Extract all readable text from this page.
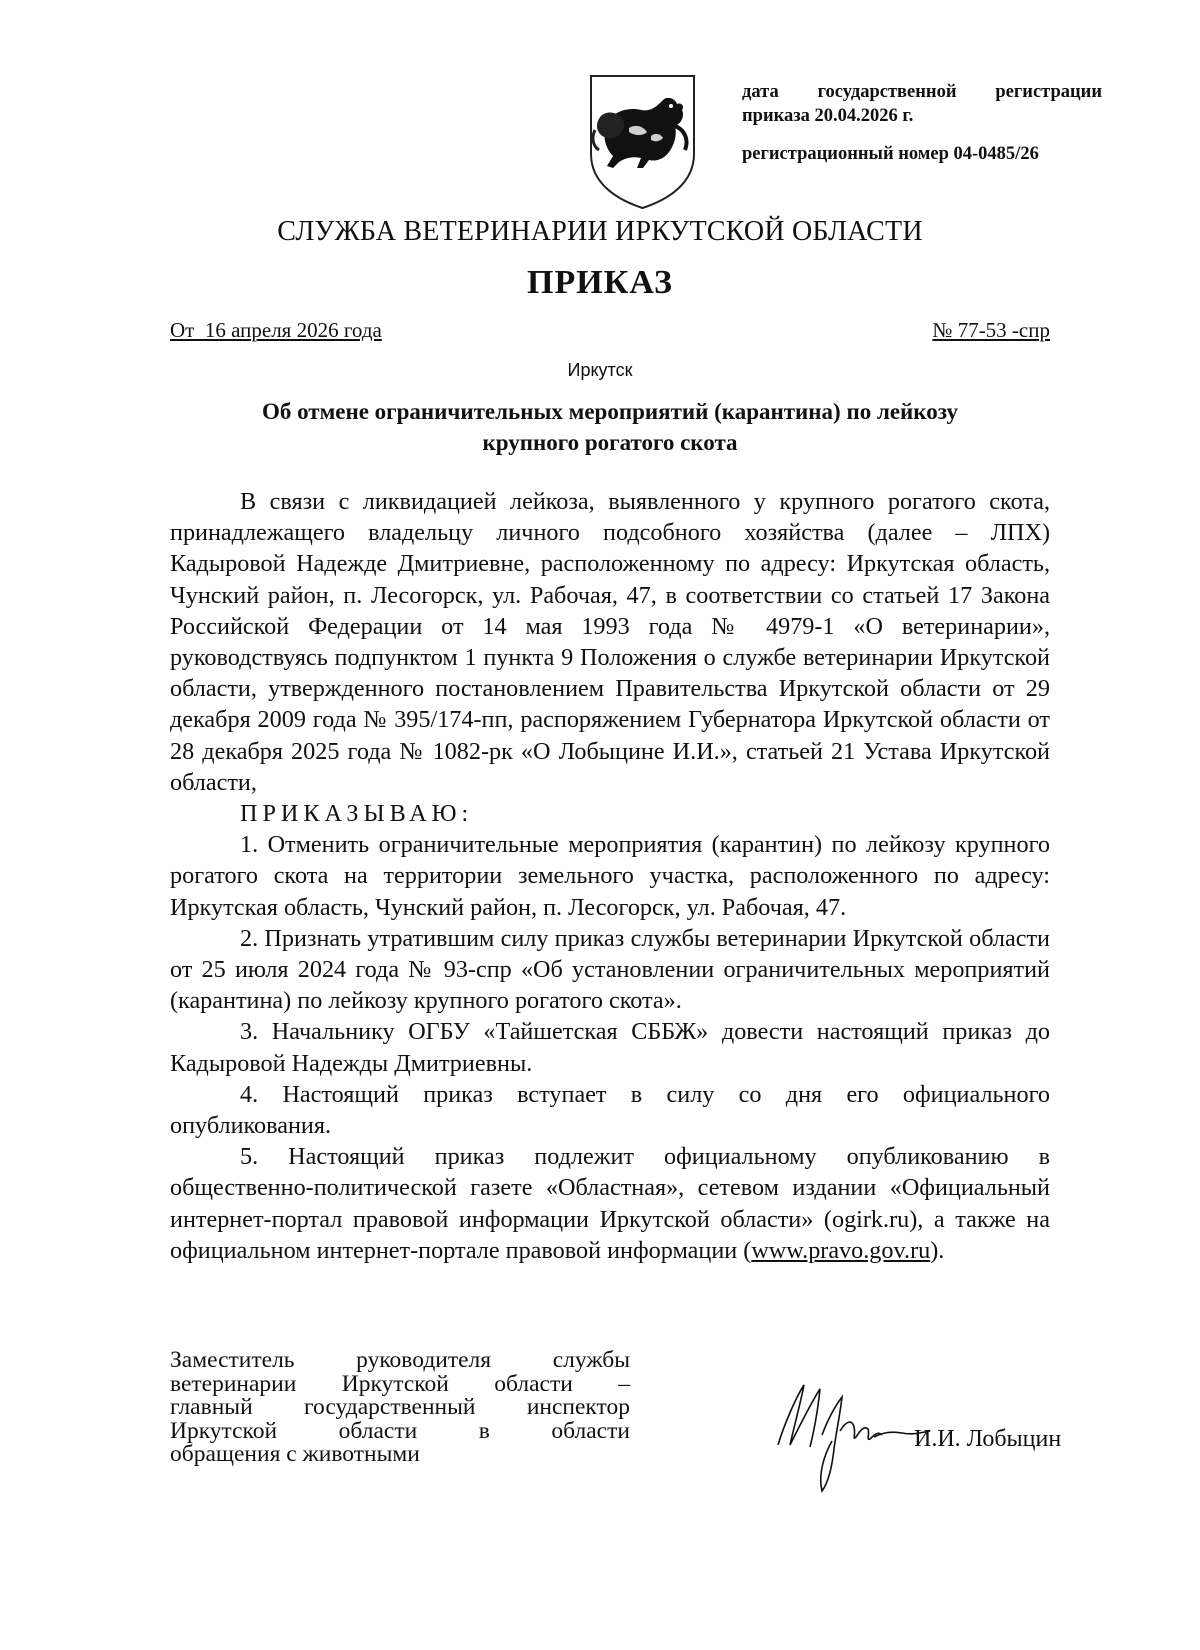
дата государственной регистрации
приказа 20.04.2026 г.
регистрационный номер 04-0485/26
СЛУЖБА ВЕТЕРИНАРИИ ИРКУТСКОЙ ОБЛАСТИ
ПРИКАЗ
От  16 апреля 2026 года	№ 77-53 -спр
Иркутск
Об отмене ограничительных мероприятий (карантина) по лейкозу
крупного рогатого скота

В связи с ликвидацией лейкоза, выявленного у крупного рогатого скота, принадлежащего владельцу личного подсобного хозяйства (далее – ЛПХ) Кадыровой Надежде Дмитриевне, расположенному по адресу: Иркутская область, Чунский район, п. Лесогорск, ул. Рабочая, 47, в соответствии со статьей 17 Закона Российской Федерации от 14 мая 1993 года № 4979-1 «О ветеринарии», руководствуясь подпунктом 1 пункта 9 Положения о службе ветеринарии Иркутской области, утвержденного постановлением Правительства Иркутской области от 29 декабря 2009 года № 395/174-пп, распоряжением Губернатора Иркутской области от 28 декабря 2025 года № 1082-рк «О Лобыцине И.И.», статьей 21 Устава Иркутской области,

ПРИКАЗЫВАЮ:

1. Отменить ограничительные мероприятия (карантин) по лейкозу крупного рогатого скота на территории земельного участка, расположенного по адресу: Иркутская область, Чунский район, п. Лесогорск, ул. Рабочая, 47.

2. Признать утратившим силу приказ службы ветеринарии Иркутской области от 25 июля 2024 года № 93-спр «Об установлении ограничительных мероприятий (карантина) по лейкозу крупного рогатого скота».

3. Начальнику ОГБУ «Тайшетская СББЖ» довести настоящий приказ до Кадыровой Надежды Дмитриевны.

4. Настоящий приказ вступает в силу со дня его официального опубликования.

5. Настоящий приказ подлежит официальному опубликованию в общественно-политической газете «Областная», сетевом издании «Официальный интернет-портал правовой информации Иркутской области» (ogirk.ru), а также на официальном интернет-портале правовой информации (www.pravo.gov.ru).

Заместитель	руководителя	службы
ветеринарии Иркутской области –
главный государственный инспектор
Иркутской	области	в	области
обращения с животными
И.И. Лобыцин
